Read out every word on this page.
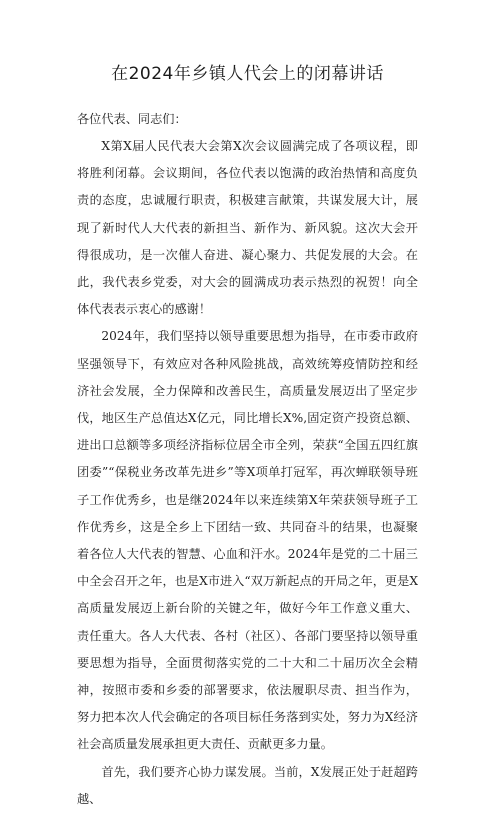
在2024年乡镇人代会上的闭幕讲话

各位代表、同志们：

X第X届人民代表大会第X次会议圆满完成了各项议程，即将胜利闭幕。会议期间，各位代表以饱满的政治热情和高度负责的态度，忠诚履行职责，积极建言献策，共谋发展大计，展现了新时代人大代表的新担当、新作为、新风貌。这次大会开得很成功，是一次催人奋进、凝心聚力、共促发展的大会。在此，我代表乡党委，对大会的圆满成功表示热烈的祝贺！向全体代表表示衷心的感谢！

2024年，我们坚持以领导重要思想为指导，在市委市政府坚强领导下，有效应对各种风险挑战，高效统筹疫情防控和经济社会发展，全力保障和改善民生，高质量发展迈出了坚定步伐，地区生产总值达X亿元，同比增长X%,固定资产投资总额、进出口总额等多项经济指标位居全市全列，荣获“全国五四红旗团委”“保税业务改革先进乡”等X项单打冠军，再次蝉联领导班子工作优秀乡，也是继2024年以来连续第X年荣获领导班子工作优秀乡，这是全乡上下团结一致、共同奋斗的结果，也凝聚着各位人大代表的智慧、心血和汗水。2024年是党的二十届三中全会召开之年，也是X市进入“双万新起点的开局之年，更是X高质量发展迈上新台阶的关键之年，做好今年工作意义重大、责任重大。各人大代表、各村（社区）、各部门要坚持以领导重要思想为指导，全面贯彻落实党的二十大和二十届历次全会精神，按照市委和乡委的部署要求，依法履职尽责、担当作为，努力把本次人代会确定的各项目标任务落到实处，努力为X经济社会高质量发展承担更大责任、贡献更多力量。

首先，我们要齐心协力谋发展。当前，X发展正处于赶超跨越、
